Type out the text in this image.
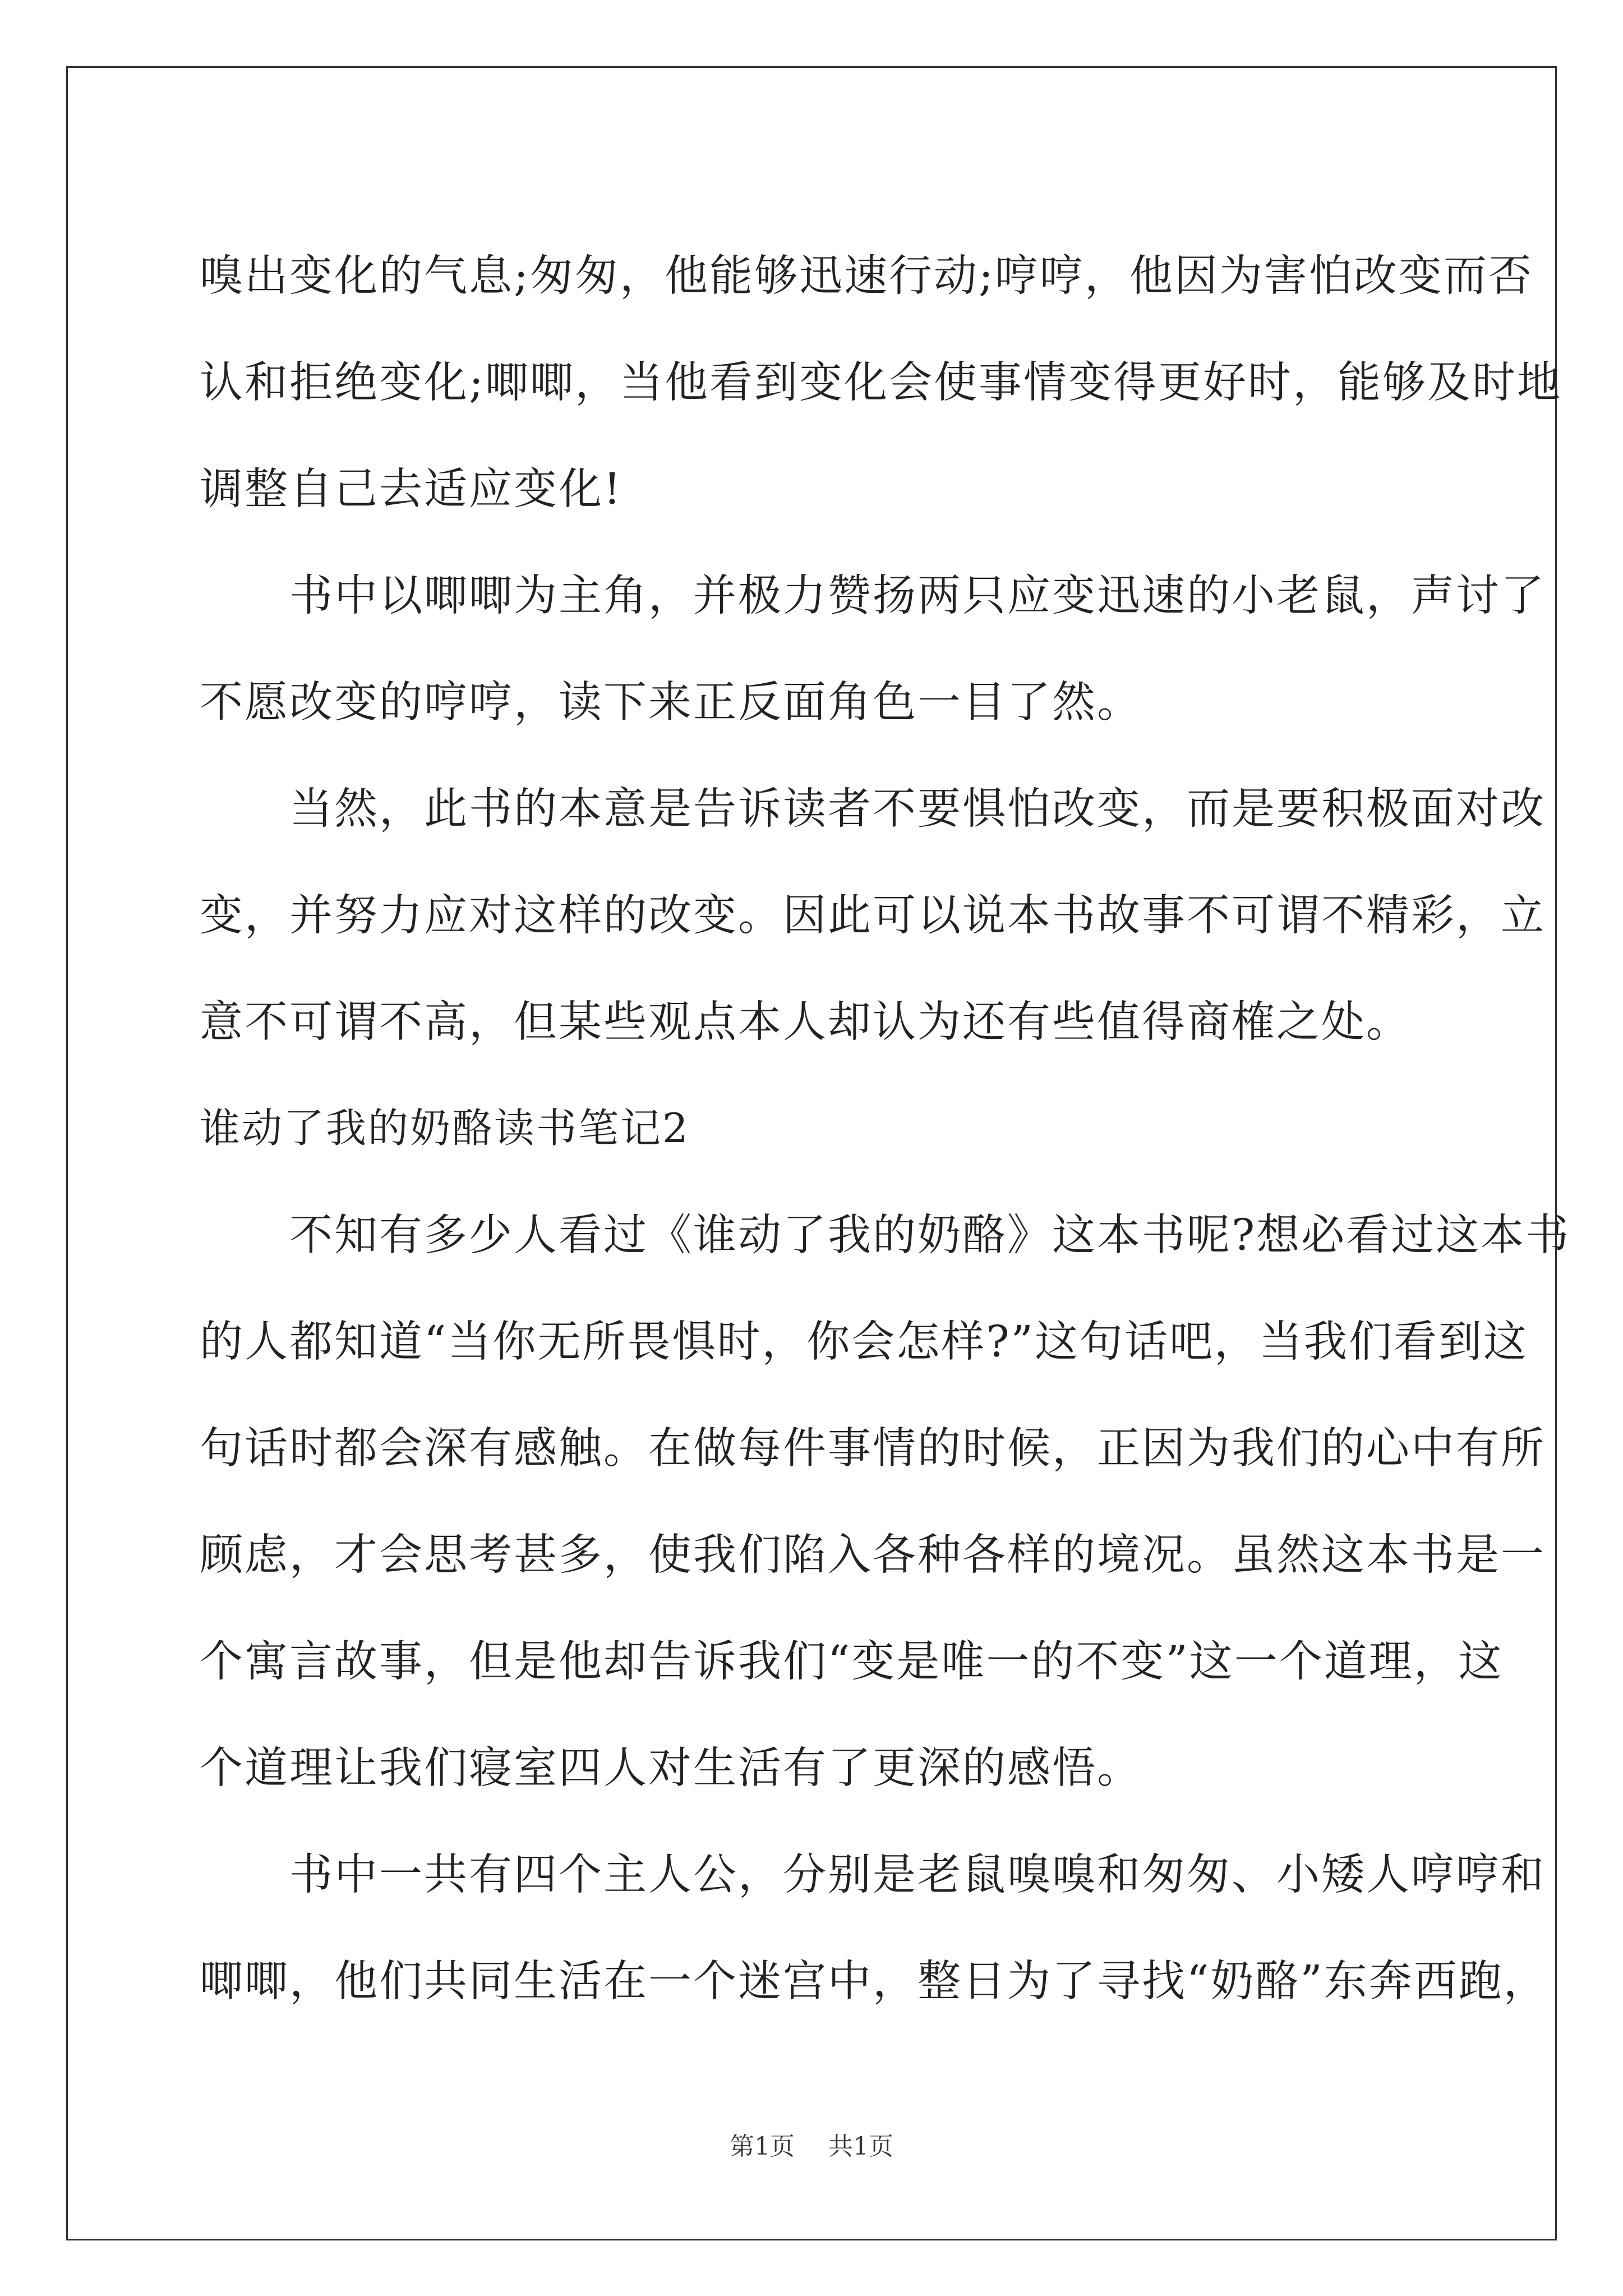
嗅出变化的气息;匆匆，他能够迅速行动;哼哼，他因为害怕改变而否
认和拒绝变化;唧唧，当他看到变化会使事情变得更好时，能够及时地
调整自己去适应变化!
书中以唧唧为主角，并极力赞扬两只应变迅速的小老鼠，声讨了
不愿改变的哼哼，读下来正反面角色一目了然。
当然，此书的本意是告诉读者不要惧怕改变，而是要积极面对改
变，并努力应对这样的改变。因此可以说本书故事不可谓不精彩，立
意不可谓不高，但某些观点本人却认为还有些值得商榷之处。
谁动了我的奶酪读书笔记2
不知有多少人看过《谁动了我的奶酪》这本书呢?想必看过这本书
的人都知道“当你无所畏惧时，你会怎样?”这句话吧，当我们看到这
句话时都会深有感触。在做每件事情的时候，正因为我们的心中有所
顾虑，才会思考甚多，使我们陷入各种各样的境况。虽然这本书是一
个寓言故事，但是他却告诉我们“变是唯一的不变”这一个道理，这
个道理让我们寝室四人对生活有了更深的感悟。
书中一共有四个主人公，分别是老鼠嗅嗅和匆匆、小矮人哼哼和
唧唧，他们共同生活在一个迷宫中，整日为了寻找“奶酪”东奔西跑，
第1页 共1页
